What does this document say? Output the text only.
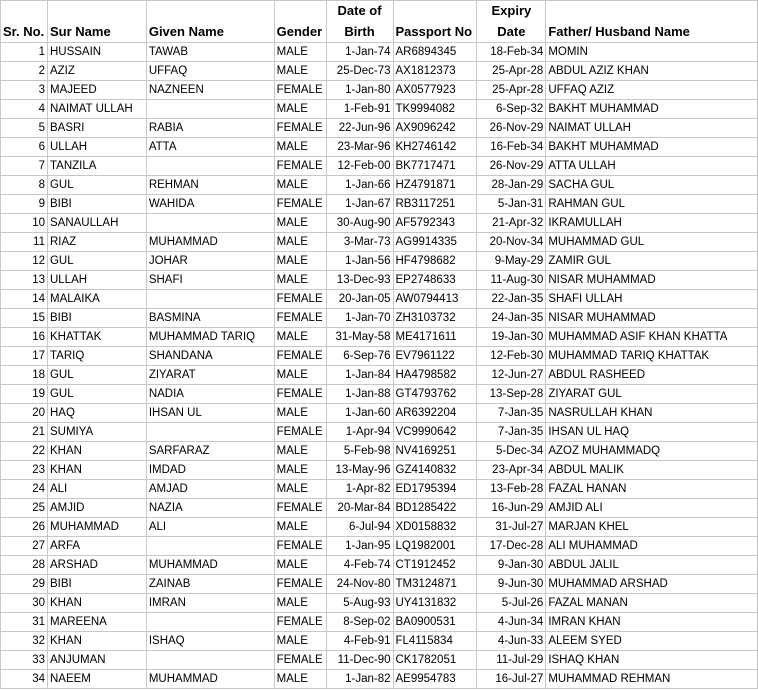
				Date of		Expiry	
Sr. No.	Sur Name	Given Name	Gender	Birth	Passport No	Date	Father/ Husband Name
1	HUSSAIN	TAWAB	MALE	1-Jan-74	AR6894345	18-Feb-34	MOMIN
2	AZIZ	UFFAQ	MALE	25-Dec-73	AX1812373	25-Apr-28	ABDUL AZIZ KHAN
3	MAJEED	NAZNEEN	FEMALE	1-Jan-80	AX0577923	25-Apr-28	UFFAQ AZIZ
4	NAIMAT ULLAH		MALE	1-Feb-91	TK9994082	6-Sep-32	BAKHT MUHAMMAD
5	BASRI	RABIA	FEMALE	22-Jun-96	AX9096242	26-Nov-29	NAIMAT ULLAH
6	ULLAH	ATTA	MALE	23-Mar-96	KH2746142	16-Feb-34	BAKHT MUHAMMAD
7	TANZILA		FEMALE	12-Feb-00	BK7717471	26-Nov-29	ATTA ULLAH
8	GUL	REHMAN	MALE	1-Jan-66	HZ4791871	28-Jan-29	SACHA GUL
9	BIBI	WAHIDA	FEMALE	1-Jan-67	RB3117251	5-Jan-31	RAHMAN GUL
10	SANAULLAH		MALE	30-Aug-90	AF5792343	21-Apr-32	IKRAMULLAH
11	RIAZ	MUHAMMAD	MALE	3-Mar-73	AG9914335	20-Nov-34	MUHAMMAD GUL
12	GUL	JOHAR	MALE	1-Jan-56	HF4798682	9-May-29	ZAMIR GUL
13	ULLAH	SHAFI	MALE	13-Dec-93	EP2748633	11-Aug-30	NISAR MUHAMMAD
14	MALAIKA		FEMALE	20-Jan-05	AW0794413	22-Jan-35	SHAFI ULLAH
15	BIBI	BASMINA	FEMALE	1-Jan-70	ZH3103732	24-Jan-35	NISAR MUHAMMAD
16	KHATTAK	MUHAMMAD TARIQ	MALE	31-May-58	ME4171611	19-Jan-30	MUHAMMAD ASIF KHAN KHATTA
17	TARIQ	SHANDANA	FEMALE	6-Sep-76	EV7961122	12-Feb-30	MUHAMMAD TARIQ KHATTAK
18	GUL	ZIYARAT	MALE	1-Jan-84	HA4798582	12-Jun-27	ABDUL RASHEED
19	GUL	NADIA	FEMALE	1-Jan-88	GT4793762	13-Sep-28	ZIYARAT GUL
20	HAQ	IHSAN UL	MALE	1-Jan-60	AR6392204	7-Jan-35	NASRULLAH KHAN
21	SUMIYA		FEMALE	1-Apr-94	VC9990642	7-Jan-35	IHSAN UL HAQ
22	KHAN	SARFARAZ	MALE	5-Feb-98	NV4169251	5-Dec-34	AZOZ MUHAMMADQ
23	KHAN	IMDAD	MALE	13-May-96	GZ4140832	23-Apr-34	ABDUL MALIK
24	ALI	AMJAD	MALE	1-Apr-82	ED1795394	13-Feb-28	FAZAL HANAN
25	AMJID	NAZIA	FEMALE	20-Mar-84	BD1285422	16-Jun-29	AMJID ALI
26	MUHAMMAD	ALI	MALE	6-Jul-94	XD0158832	31-Jul-27	MARJAN KHEL
27	ARFA		FEMALE	1-Jan-95	LQ1982001	17-Dec-28	ALI MUHAMMAD
28	ARSHAD	MUHAMMAD	MALE	4-Feb-74	CT1912452	9-Jan-30	ABDUL JALIL
29	BIBI	ZAINAB	FEMALE	24-Nov-80	TM3124871	9-Jun-30	MUHAMMAD ARSHAD
30	KHAN	IMRAN	MALE	5-Aug-93	UY4131832	5-Jul-26	FAZAL MANAN
31	MAREENA		FEMALE	8-Sep-02	BA0900531	4-Jun-34	IMRAN KHAN
32	KHAN	ISHAQ	MALE	4-Feb-91	FL4115834	4-Jun-33	ALEEM SYED
33	ANJUMAN		FEMALE	11-Dec-90	CK1782051	11-Jul-29	ISHAQ KHAN
34	NAEEM	MUHAMMAD	MALE	1-Jan-82	AE9954783	16-Jul-27	MUHAMMAD REHMAN
